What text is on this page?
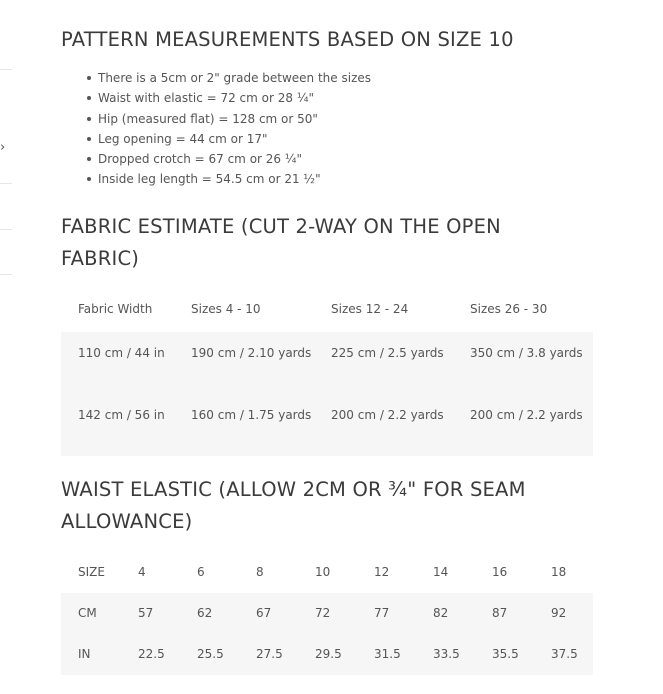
›
PATTERN MEASUREMENTS BASED ON SIZE 10
There is a 5cm or 2" grade between the sizes
Waist with elastic = 72 cm or 28 ¼"
Hip (measured flat) = 128 cm or 50"
Leg opening = 44 cm or 17"
Dropped crotch = 67 cm or 26 ¼"
Inside leg length = 54.5 cm or 21 ½"
FABRIC ESTIMATE (CUT 2-WAY ON THE OPEN FABRIC)
Fabric Width	Sizes 4 - 10	Sizes 12 - 24	Sizes 26 - 30
110 cm / 44 in	190 cm / 2.10 yards	225 cm / 2.5 yards	350 cm / 3.8 yards
142 cm / 56 in	160 cm / 1.75 yards	200 cm / 2.2 yards	200 cm / 2.2 yards
WAIST ELASTIC (ALLOW 2CM OR ¾" FOR SEAM ALLOWANCE)
SIZE	4	6	8	10	12	14	16	18
CM	57	62	67	72	77	82	87	92
IN	22.5	25.5	27.5	29.5	31.5	33.5	35.5	37.5
